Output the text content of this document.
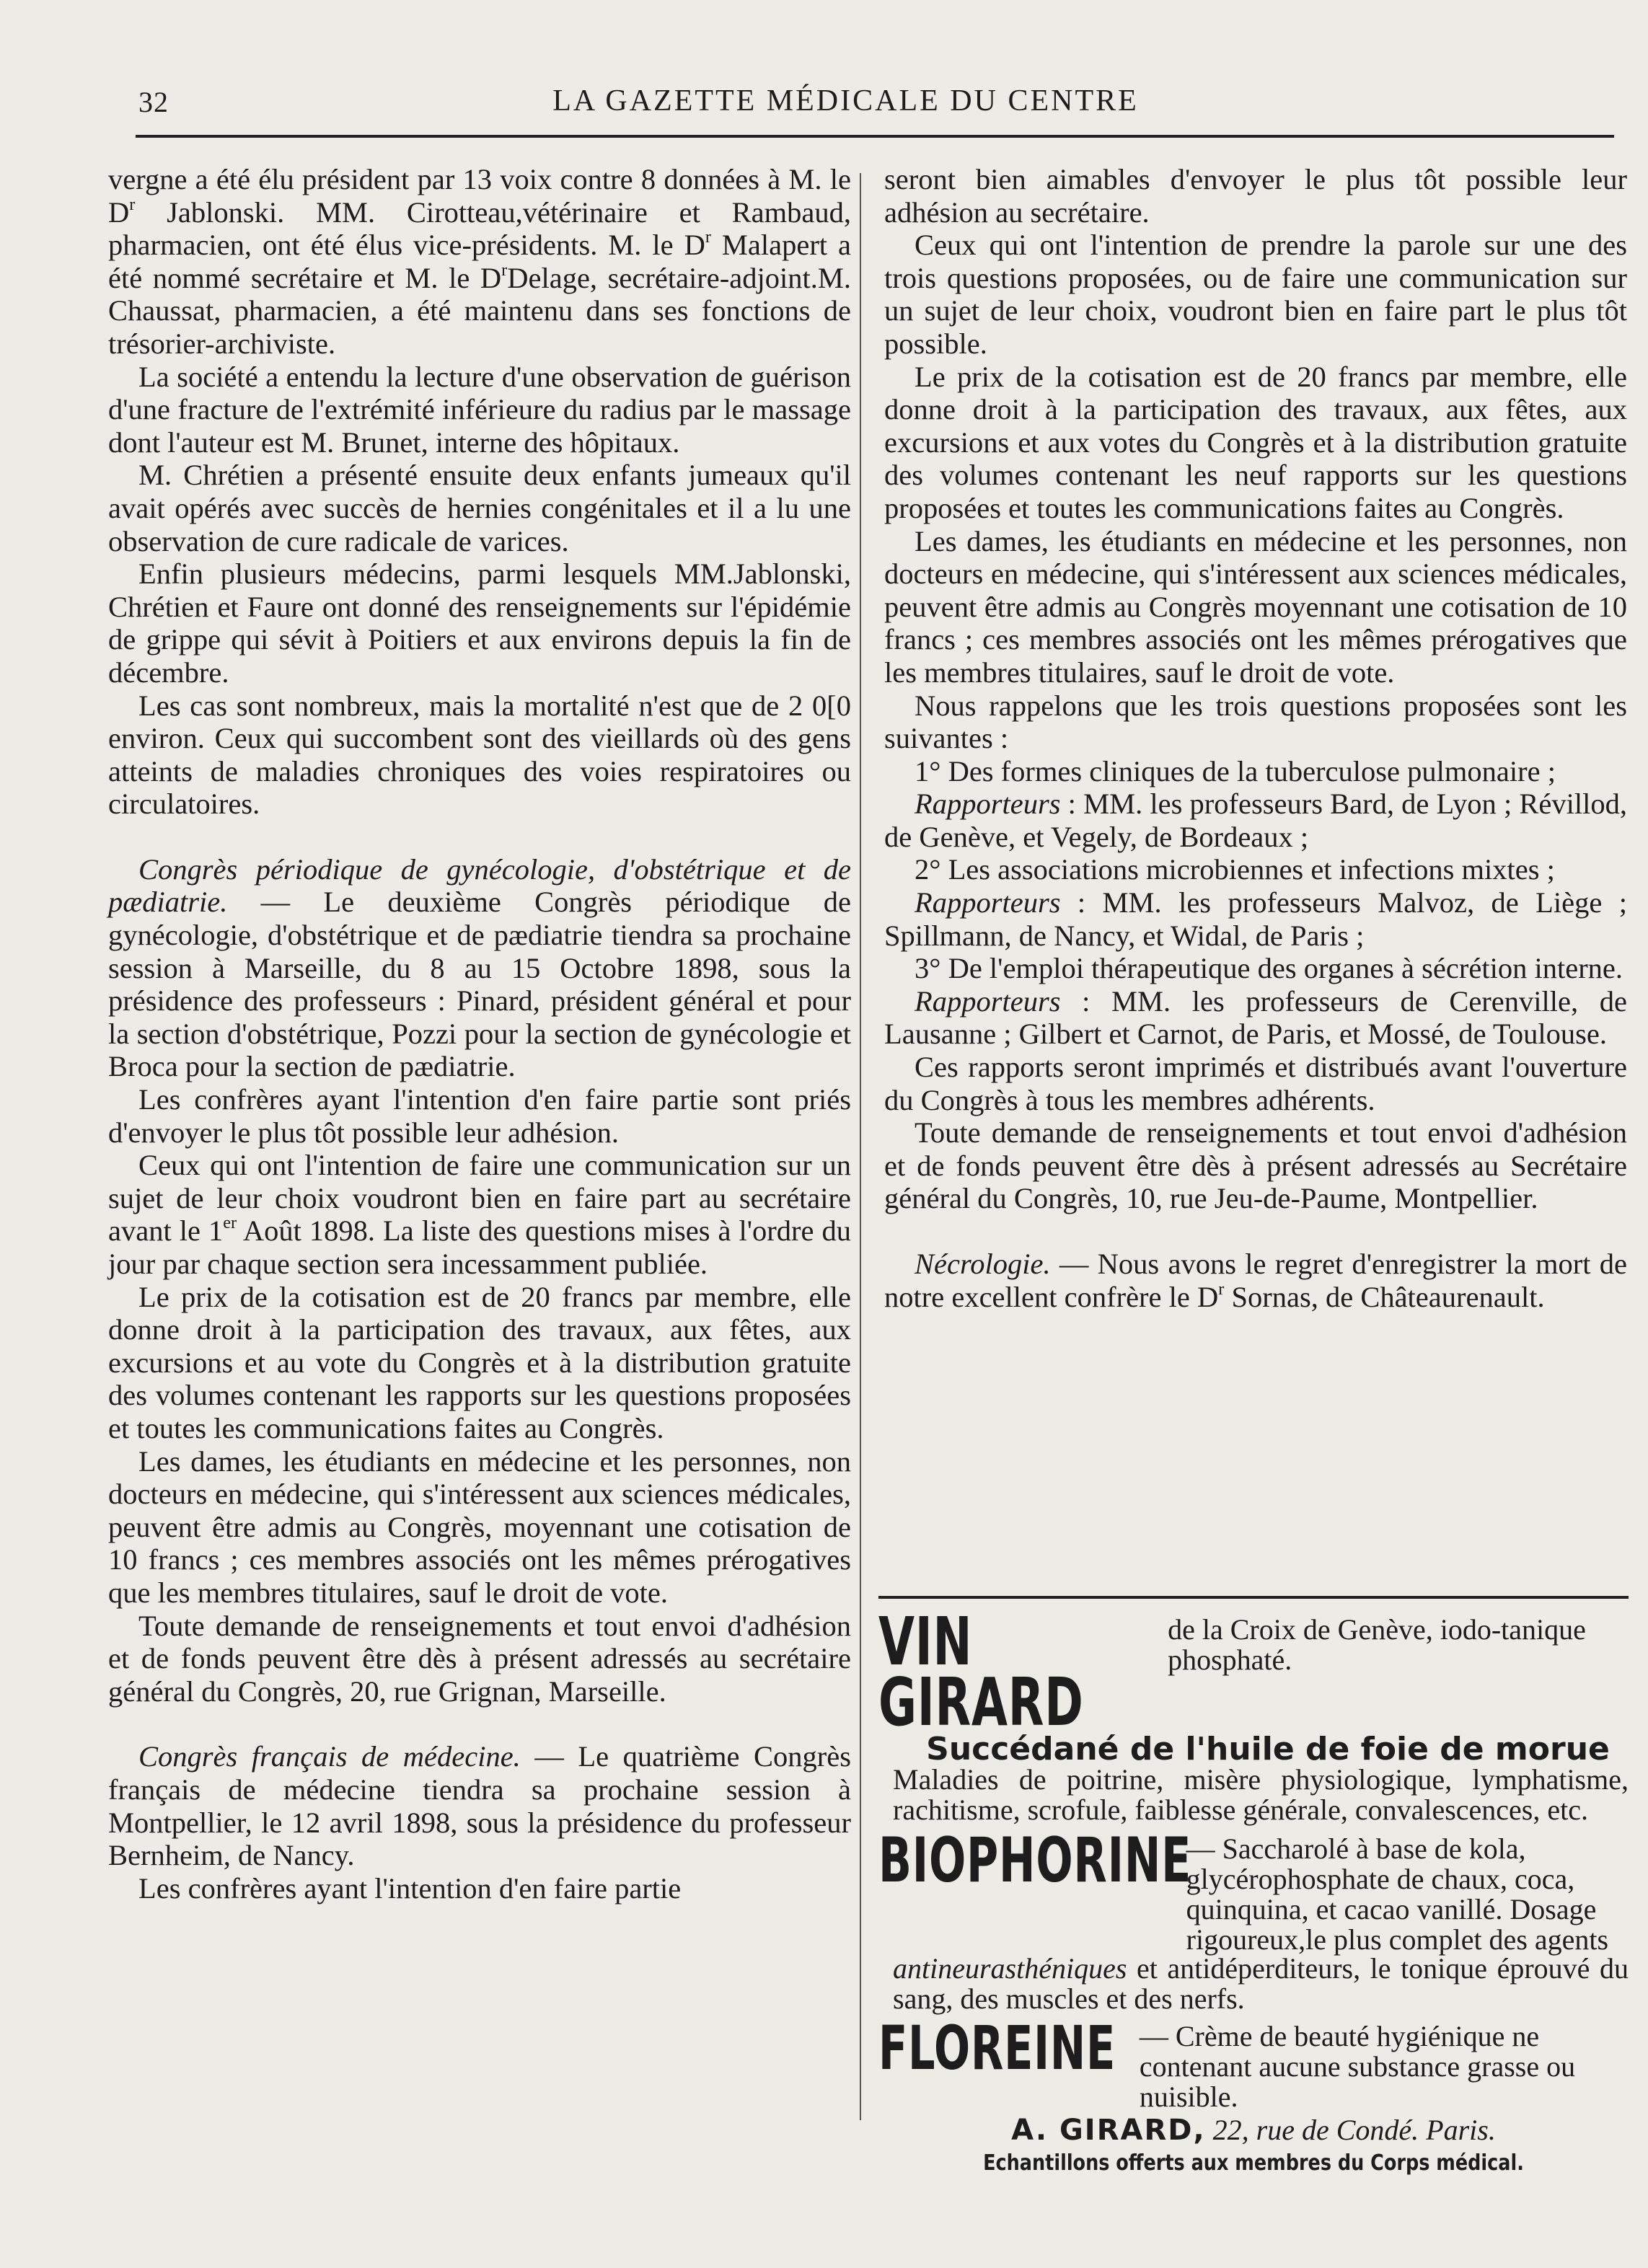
32	LA GAZETTE MÉDICALE DU CENTRE

vergne a été élu président par 13 voix contre 8 données à M. le $D^r$ Jablonski. MM. Cirotteau,vétérinaire et Rambaud, pharmacien, ont été élus vice-présidents. M. le $D^r$ Malapert a été nommé secrétaire et M. le $D^rDelage$, secrétaire-adjoint.M. Chaussat, pharmacien, a été maintenu dans ses fonctions de trésorier-archiviste.

La société a entendu la lecture d'une observation de guérison d'une fracture de l'extrémité inférieure du radius par le massage dont l'auteur est M. Brunet, interne des hôpitaux.

M. Chrétien a présenté ensuite deux enfants jumeaux qu'il avait opérés avec succès de hernies congénitales et il a lu une observation de cure radicale de varices.

Enfin plusieurs médecins, parmi lesquels MM.Jablonski, Chrétien et Faure ont donné des renseignements sur l'épidémie de grippe qui sévit à Poitiers et aux environs depuis la fin de décembre.

Les cas sont nombreux, mais la mortalité n'est que de 2 0[0 environ. Ceux qui succombent sont des vieillards où des gens atteints de maladies chroniques des voies respiratoires ou circulatoires.

Congrès périodique de gynécologie, d'obstétrique et de pædiatrie. — Le deuxième Congrès périodique de gynécologie, d'obstétrique et de pædiatrie tiendra sa prochaine session à Marseille, du 8 au 15 Octobre 1898, sous la présidence des professeurs : Pinard, président général et pour la section d'obstétrique, Pozzi pour la section de gynécologie et Broca pour la section de pædiatrie.

Les confrères ayant l'intention d'en faire partie sont priés d'envoyer le plus tôt possible leur adhésion.

Ceux qui ont l'intention de faire une communication sur un sujet de leur choix voudront bien en faire part au secrétaire avant le 1er Août 1898. La liste des questions mises à l'ordre du jour par chaque section sera incessamment publiée.

Le prix de la cotisation est de 20 francs par membre, elle donne droit à la participation des travaux, aux fêtes, aux excursions et au vote du Congrès et à la distribution gratuite des volumes contenant les rapports sur les questions proposées et toutes les communications faites au Congrès.

Les dames, les étudiants en médecine et les personnes, non docteurs en médecine, qui s'intéressent aux sciences médicales, peuvent être admis au Congrès, moyennant une cotisation de 10 francs ; ces membres associés ont les mêmes prérogatives que les membres titulaires, sauf le droit de vote.

Toute demande de renseignements et tout envoi d'adhésion et de fonds peuvent être dès à présent adressés au secrétaire général du Congrès, 20, rue Grignan, Marseille.

Congrès français de médecine. — Le quatrième Congrès français de médecine tiendra sa prochaine session à Montpellier, le 12 avril 1898, sous la présidence du professeur Bernheim, de Nancy.

Les confrères ayant l'intention d'en faire partie

seront bien aimables d'envoyer le plus tôt possible leur adhésion au secrétaire.

Ceux qui ont l'intention de prendre la parole sur une des trois questions proposées, ou de faire une communication sur un sujet de leur choix, voudront bien en faire part le plus tôt possible.

Le prix de la cotisation est de 20 francs par membre, elle donne droit à la participation des travaux, aux fêtes, aux excursions et aux votes du Congrès et à la distribution gratuite des volumes contenant les neuf rapports sur les questions proposées et toutes les communications faites au Congrès.

Les dames, les étudiants en médecine et les personnes, non docteurs en médecine, qui s'intéressent aux sciences médicales, peuvent être admis au Congrès moyennant une cotisation de 10 francs ; ces membres associés ont les mêmes prérogatives que les membres titulaires, sauf le droit de vote.

Nous rappelons que les trois questions proposées sont les suivantes :

1° Des formes cliniques de la tuberculose pulmonaire ;

Rapporteurs : MM. les professeurs Bard, de Lyon ; Révillod, de Genève, et Vegely, de Bordeaux ;

2° Les associations microbiennes et infections mixtes ;

Rapporteurs : MM. les professeurs Malvoz, de Liège ; Spillmann, de Nancy, et Widal, de Paris ;

3° De l'emploi thérapeutique des organes à sécrétion interne.

Rapporteurs : MM. les professeurs de Cerenville, de Lausanne ; Gilbert et Carnot, de Paris, et Mossé, de Toulouse.

Ces rapports seront imprimés et distribués avant l'ouverture du Congrès à tous les membres adhérents.

Toute demande de renseignements et tout envoi d'adhésion et de fonds peuvent être dès à présent adressés au Secrétaire général du Congrès, 10, rue Jeu-de-Paume, Montpellier.

Nécrologie. — Nous avons le regret d'enregistrer la mort de notre excellent confrère le $D^r$ Sornas, de Châteaurenault.

VIN GIRARD
de la Croix de Genève, iodo-tanique phosphaté.
Succédané de l'huile de foie de morue
Maladies de poitrine, misère physiologique, lymphatisme, rachitisme, scrofule, faiblesse générale, convalescences, etc.
BIOPHORINE
— Saccharolé à base de kola, glycérophosphate de chaux, coca, quinquina, et cacao vanillé. Dosage rigoureux,le plus complet des agents
antineurasthéniques et antidéperditeurs, le tonique éprouvé du sang, des muscles et des nerfs.
FLOREINE — Crème de beauté hygiénique ne contenant aucune substance grasse ou nuisible.
A. GIRARD, 22, rue de Condé. Paris.
Echantillons offerts aux membres du Corps médical.
